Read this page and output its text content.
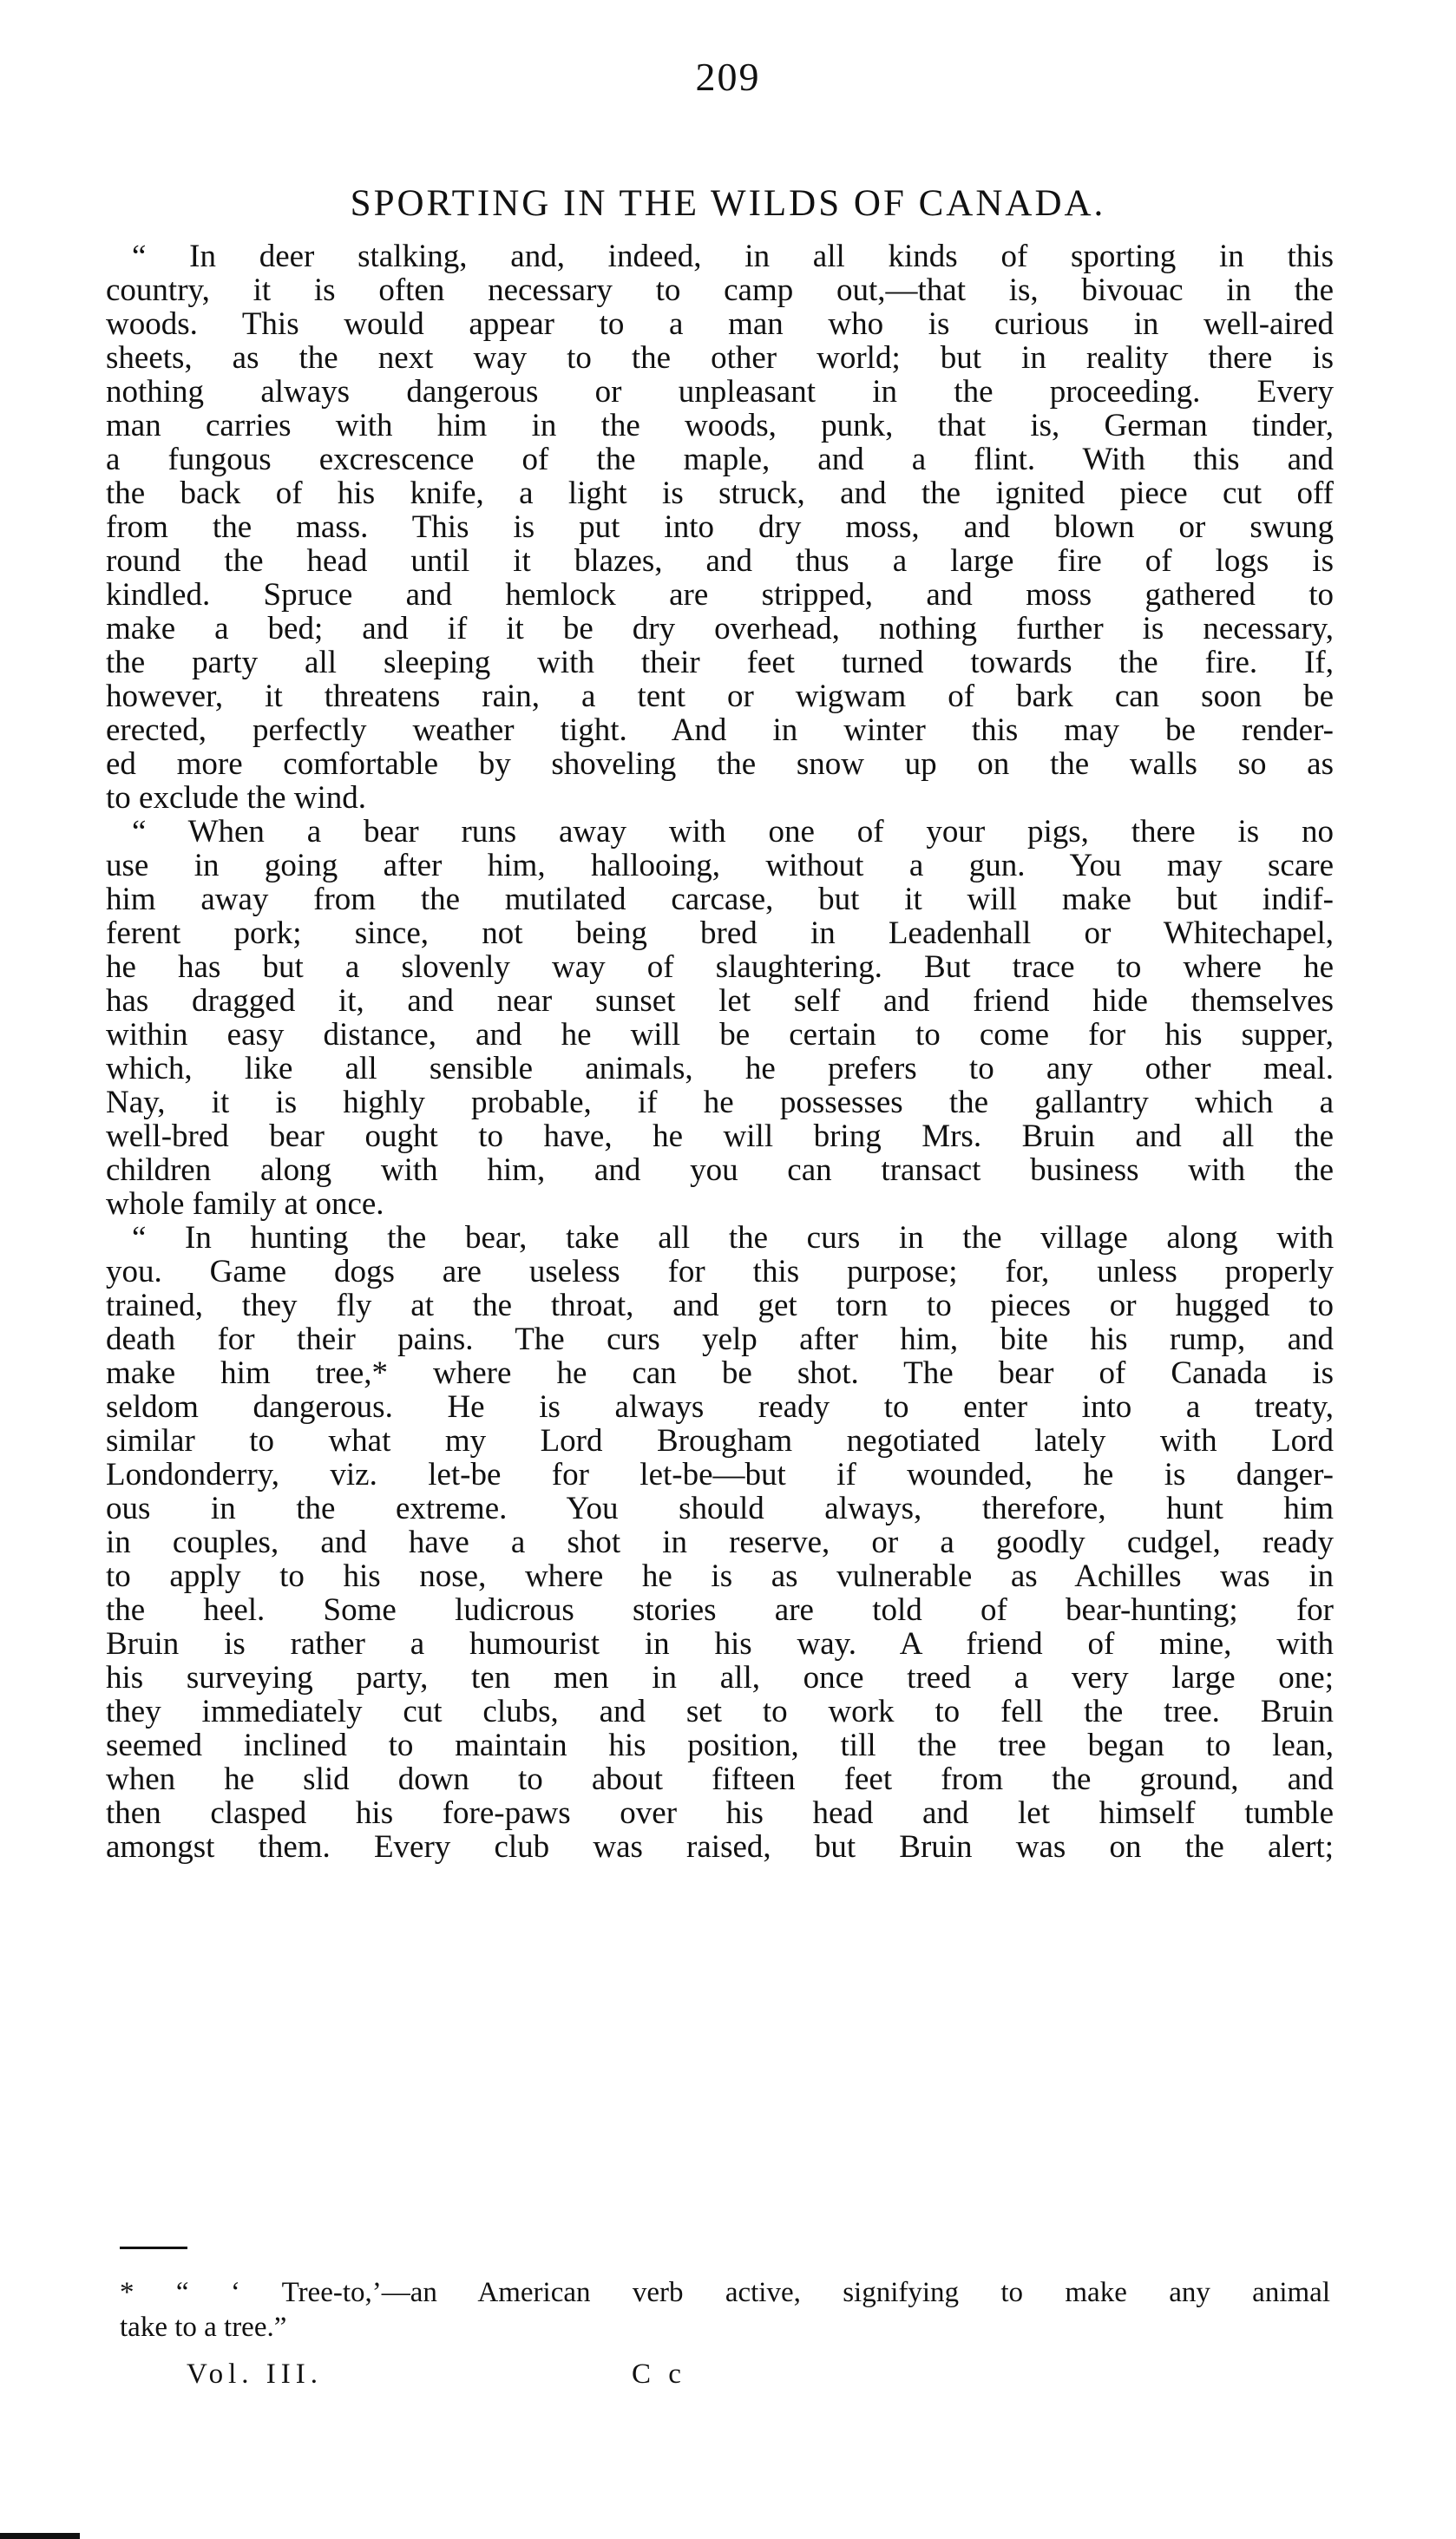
209
SPORTING IN THE WILDS OF CANADA.
“ In deer stalking, and, indeed, in all kinds of sporting in this
country, it is often necessary to camp out,—that is, bivouac in the
woods. This would appear to a man who is curious in well-aired
sheets, as the next way to the other world; but in reality there is
nothing always dangerous or unpleasant in the proceeding. Every
man carries with him in the woods, punk, that is, German tinder,
a fungous excrescence of the maple, and a flint. With this and
the back of his knife, a light is struck, and the ignited piece cut off
from the mass. This is put into dry moss, and blown or swung
round the head until it blazes, and thus a large fire of logs is
kindled. Spruce and hemlock are stripped, and moss gathered to
make a bed; and if it be dry overhead, nothing further is necessary,
the party all sleeping with their feet turned towards the fire. If,
however, it threatens rain, a tent or wigwam of bark can soon be
erected, perfectly weather tight. And in winter this may be render-
ed more comfortable by shoveling the snow up on the walls so as
to exclude the wind.
“ When a bear runs away with one of your pigs, there is no
use in going after him, hallooing, without a gun. You may scare
him away from the mutilated carcase, but it will make but indif-
ferent pork; since, not being bred in Leadenhall or Whitechapel,
he has but a slovenly way of slaughtering. But trace to where he
has dragged it, and near sunset let self and friend hide themselves
within easy distance, and he will be certain to come for his supper,
which, like all sensible animals, he prefers to any other meal.
Nay, it is highly probable, if he possesses the gallantry which a
well-bred bear ought to have, he will bring Mrs. Bruin and all the
children along with him, and you can transact business with the
whole family at once.
“ In hunting the bear, take all the curs in the village along with
you. Game dogs are useless for this purpose; for, unless properly
trained, they fly at the throat, and get torn to pieces or hugged to
death for their pains. The curs yelp after him, bite his rump, and
make him tree,* where he can be shot. The bear of Canada is
seldom dangerous. He is always ready to enter into a treaty,
similar to what my Lord Brougham negotiated lately with Lord
Londonderry, viz. let-be for let-be—but if wounded, he is danger-
ous in the extreme. You should always, therefore, hunt him
in couples, and have a shot in reserve, or a goodly cudgel, ready
to apply to his nose, where he is as vulnerable as Achilles was in
the heel. Some ludicrous stories are told of bear-hunting; for
Bruin is rather a humourist in his way. A friend of mine, with
his surveying party, ten men in all, once treed a very large one;
they immediately cut clubs, and set to work to fell the tree. Bruin
seemed inclined to maintain his position, till the tree began to lean,
when he slid down to about fifteen feet from the ground, and
then clasped his fore-paws over his head and let himself tumble
amongst them. Every club was raised, but Bruin was on the alert;
* “ ‘ Tree-to,’—an American verb active, signifying to make any animal
take to a tree.”
Vol. III.	C c
